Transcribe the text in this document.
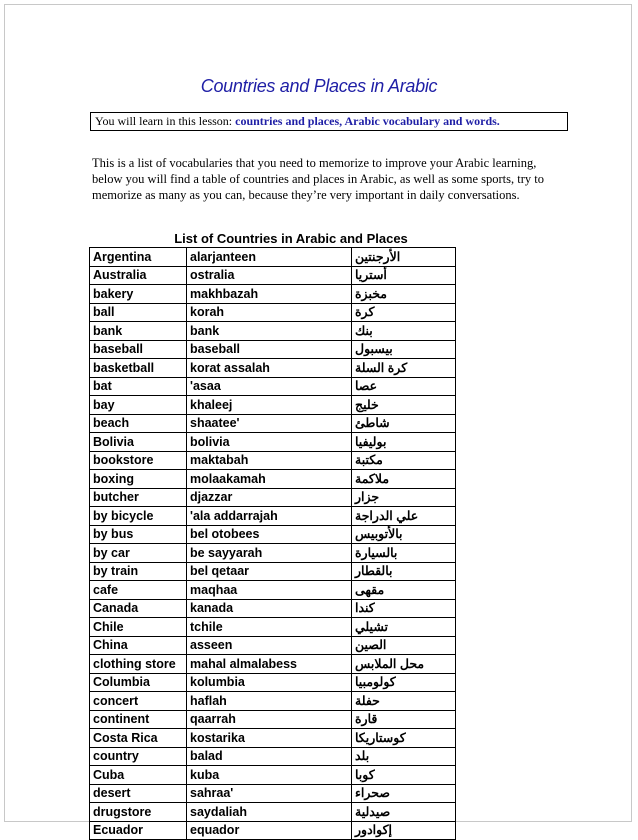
Countries and Places in Arabic
You will learn in this lesson: countries and places, Arabic vocabulary and words.
This is a list of vocabularies that you need to memorize to improve your Arabic learning,
below you will find a table of countries and places in Arabic, as well as some sports, try to
memorize as many as you can, because they’re very important in daily conversations.
List of Countries in Arabic and Places		
Argentina	alarjanteen	الأرجنتين
Australia	ostralia	أستريا
bakery	makhbazah	مخبزة
ball	korah	كرة
bank	bank	بنك
baseball	baseball	بيسبول
basketball	korat assalah	كرة السلة
bat	'asaa	عصا
bay	khaleej	خليج
beach	shaatee'	شاطئ
Bolivia	bolivia	بوليفيا
bookstore	maktabah	مكتبة
boxing	molaakamah	ملاكمة
butcher	djazzar	جزار
by bicycle	'ala addarrajah	علي الدراجة
by bus	bel otobees	بالأتوبيس
by car	be sayyarah	بالسيارة
by train	bel qetaar	بالقطار
cafe	maqhaa	مقهى
Canada	kanada	كندا
Chile	tchile	تشيلي
China	asseen	الصين
clothing store	mahal almalabess	محل الملابس
Columbia	kolumbia	كولومبيا
concert	haflah	حفلة
continent	qaarrah	قارة
Costa Rica	kostarika	كوستاريكا
country	balad	بلد
Cuba	kuba	كوبا
desert	sahraa'	صحراء
drugstore	saydaliah	صيدلية
Ecuador	equador	إكوادور
